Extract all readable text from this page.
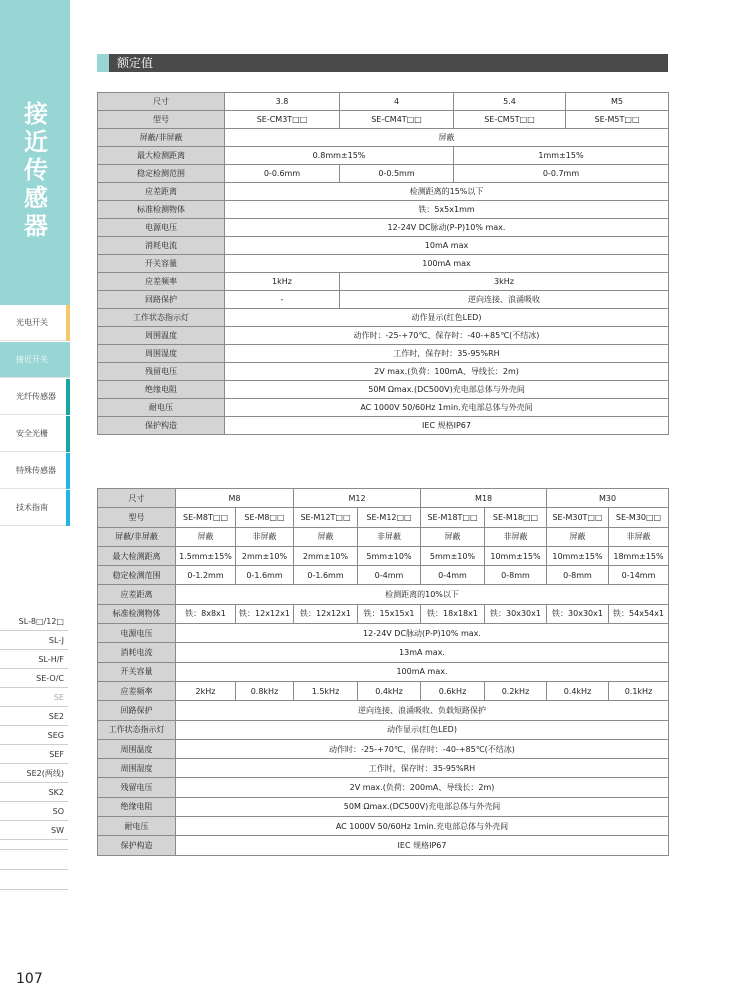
接
近
传
感
器
光电开关
接近开关
光纤传感器
安全光栅
特殊传感器
技术指南
SL-8□/12□
SL-J
SL-H/F
SE-O/C
SE
SE2
SEG
SEF
SE2(两线)
SK2
SO
SW
107
额定值
尺寸	3.8	4	5.4	M5
型号	SE-CM3T□□	SE-CM4T□□	SE-CM5T□□	SE-M5T□□
屏蔽/非屏蔽	屏蔽			
最大检测距离	0.8mm±15%		1mm±15%	
稳定检测范围	0-0.6mm	0-0.5mm	0-0.7mm	
应差距离	检测距离的15%以下			
标准检测物体	铁：5x5x1mm			
电源电压	12-24V DC脉动(P-P)10% max.			
消耗电流	10mA max			
开关容量	100mA max			
应差频率	1kHz	3kHz		
回路保护	-	逆向连接、浪涌吸收		
工作状态指示灯	动作显示(红色LED)			
周围温度	动作时：-25-+70℃、保存时：-40-+85℃(不结冰)			
周围湿度	工作时，保存时：35-95%RH			
残留电压	2V max.(负荷：100mA、导线长：2m)			
绝缘电阻	50M Ωmax.(DC500V)充电部总体与外壳间			
耐电压	AC 1000V 50/60Hz 1min.充电部总体与外壳间			
保护构造	IEC 规格IP67			
尺寸	M8		M12		M18		M30	
型号	SE-M8T□□	SE-M8□□	SE-M12T□□	SE-M12□□	SE-M18T□□	SE-M18□□	SE-M30T□□	SE-M30□□
屏蔽/非屏蔽	屏蔽	非屏蔽	屏蔽	非屏蔽	屏蔽	非屏蔽	屏蔽	非屏蔽
最大检测距离	1.5mm±15%	2mm±10%	2mm±10%	5mm±10%	5mm±10%	10mm±15%	10mm±15%	18mm±15%
稳定检测范围	0-1.2mm	0-1.6mm	0-1.6mm	0-4mm	0-4mm	0-8mm	0-8mm	0-14mm
应差距离	检测距离的10%以下							
标准检测物体	铁：8x8x1	铁：12x12x1	铁：12x12x1	铁：15x15x1	铁：18x18x1	铁：30x30x1	铁：30x30x1	铁：54x54x1
电源电压	12-24V DC脉动(P-P)10% max.							
消耗电流	13mA max.							
开关容量	100mA max.							
应差频率	2kHz	0.8kHz	1.5kHz	0.4kHz	0.6kHz	0.2kHz	0.4kHz	0.1kHz
回路保护	逆向连接、浪涌吸收、负载短路保护							
工作状态指示灯	动作显示(红色LED)							
周围温度	动作时：-25-+70℃、保存时：-40-+85℃(不结冰)							
周围湿度	工作时，保存时：35-95%RH							
残留电压	2V max.(负荷：200mA、导线长：2m)							
绝缘电阻	50M Ωmax.(DC500V)充电部总体与外壳间							
耐电压	AC 1000V 50/60Hz 1min.充电部总体与外壳间							
保护构造	IEC 规格IP67							
